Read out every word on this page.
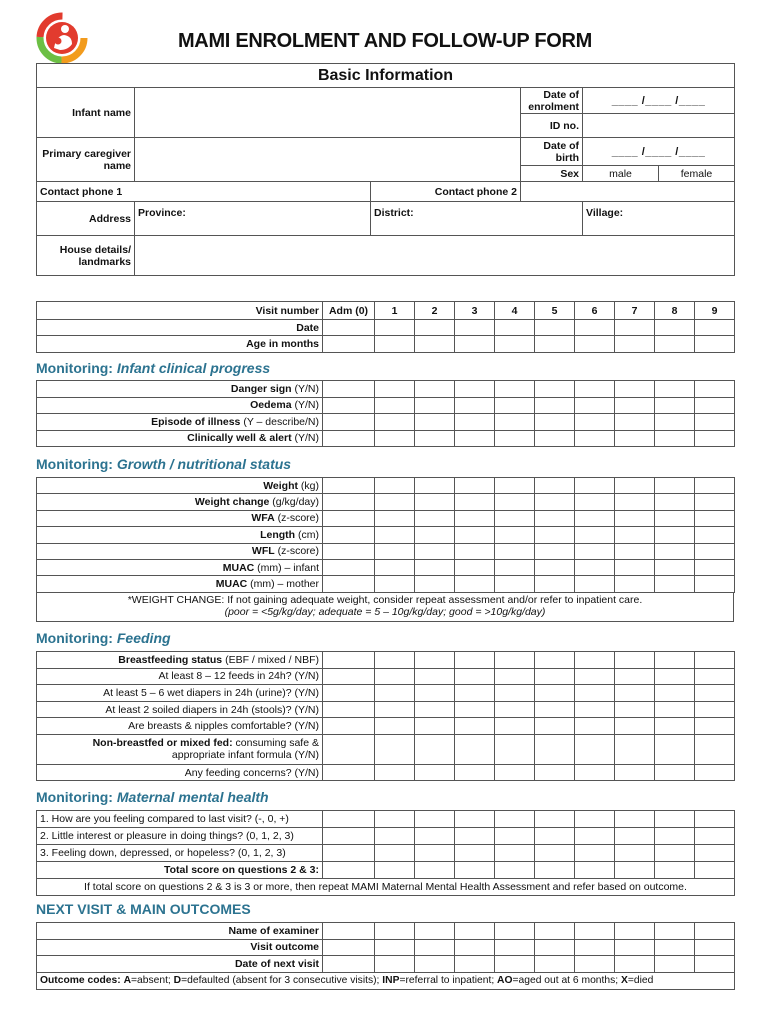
MAMI ENROLMENT AND FOLLOW-UP FORM
Basic Information					
Infant name			Date of enrolment	____ /____ /____	
			ID no.		
Primary caregiver name			Date of birth	____ /____ /____	
			Sex	male	female
Contact phone 1		Contact phone 2			
Address	Province:	District:		Village:	
House details/ landmarks					
Visit number	Adm (0)	1	2	3	4	5	6	7	8	9
Date										
Age in months										
Monitoring: Infant clinical progress
Danger sign (Y/N)										
Oedema (Y/N)										
Episode of illness (Y – describe/N)										
Clinically well & alert (Y/N)										
Monitoring: Growth / nutritional status
Weight (kg)										
Weight change (g/kg/day)										
WFA (z-score)										
Length (cm)										
WFL (z-score)										
MUAC (mm) – infant										
MUAC (mm) – mother										
*WEIGHT CHANGE: If not gaining adequate weight, consider repeat assessment and/or refer to inpatient care.
(poor = <5g/kg/day; adequate = 5 – 10g/kg/day; good = >10g/kg/day)
Monitoring: Feeding
Breastfeeding status (EBF / mixed / NBF)										
At least 8 – 12 feeds in 24h? (Y/N)										
At least 5 – 6 wet diapers in 24h (urine)? (Y/N)										
At least 2 soiled diapers in 24h (stools)? (Y/N)										
Are breasts & nipples comfortable? (Y/N)										
Non-breastfed or mixed fed: consuming safe & appropriate infant formula (Y/N)										
Any feeding concerns? (Y/N)										
Monitoring: Maternal mental health
1. How are you feeling compared to last visit? (-, 0, +)										
2. Little interest or pleasure in doing things? (0, 1, 2, 3)										
3. Feeling down, depressed, or hopeless? (0, 1, 2, 3)										
Total score on questions 2 & 3:										
If total score on questions 2 & 3 is 3 or more, then repeat MAMI Maternal Mental Health Assessment and refer based on outcome.										
NEXT VISIT & MAIN OUTCOMES
Name of examiner										
Visit outcome										
Date of next visit										
Outcome codes: A=absent; D=defaulted (absent for 3 consecutive visits); INP=referral to inpatient; AO=aged out at 6 months; X=died										
